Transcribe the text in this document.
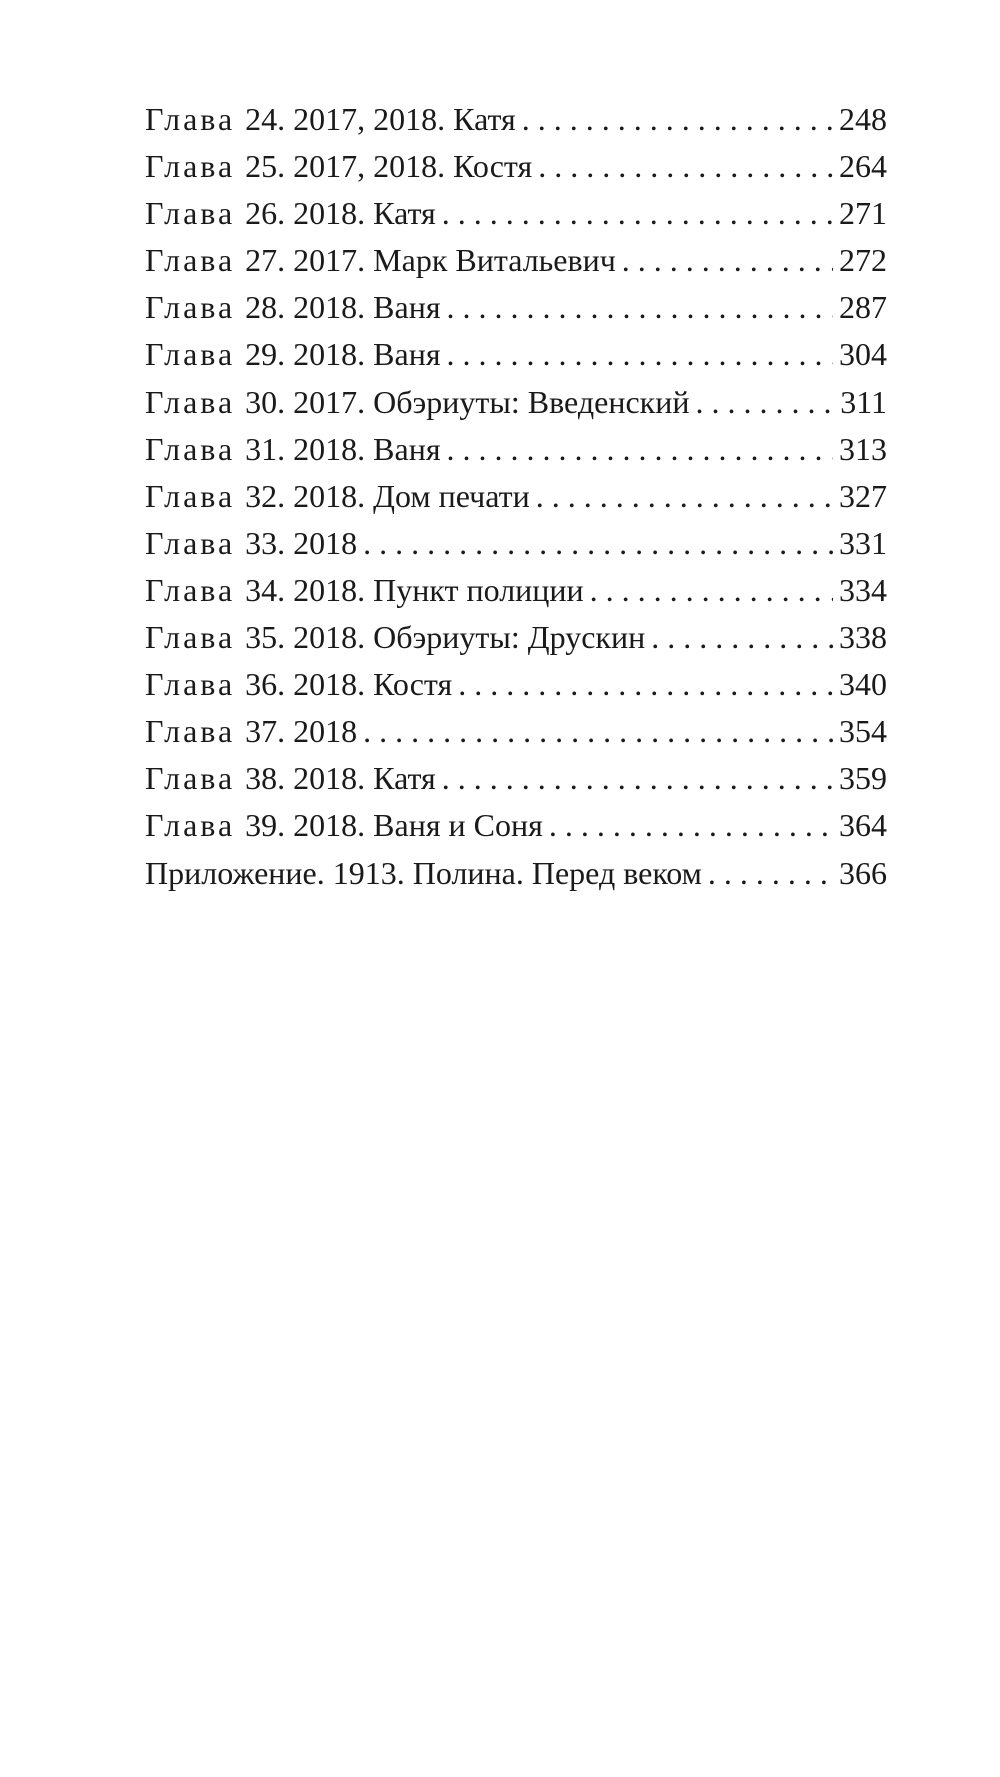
Глава 24. 2017, 2018. Катя . . .	248
Глава 25. 2017, 2018. Костя . . .	264
Глава 26. 2018. Катя . . .	271
Глава 27. 2017. Марк Витальевич . . .	272
Глава 28. 2018. Ваня . . .	287
Глава 29. 2018. Ваня . . .	304
Глава 30. 2017. Обэриуты: Введенский . . .	311
Глава 31. 2018. Ваня . . .	313
Глава 32. 2018. Дом печати . . .	327
Глава 33. 2018 . . .	331
Глава 34. 2018. Пункт полиции . . .	334
Глава 35. 2018. Обэриуты: Друскин . . .	338
Глава 36. 2018. Костя . . .	340
Глава 37. 2018 . . .	354
Глава 38. 2018. Катя . . .	359
Глава 39. 2018. Ваня и Соня . . .	364
Приложение. 1913. Полина. Перед веком . . .	366
